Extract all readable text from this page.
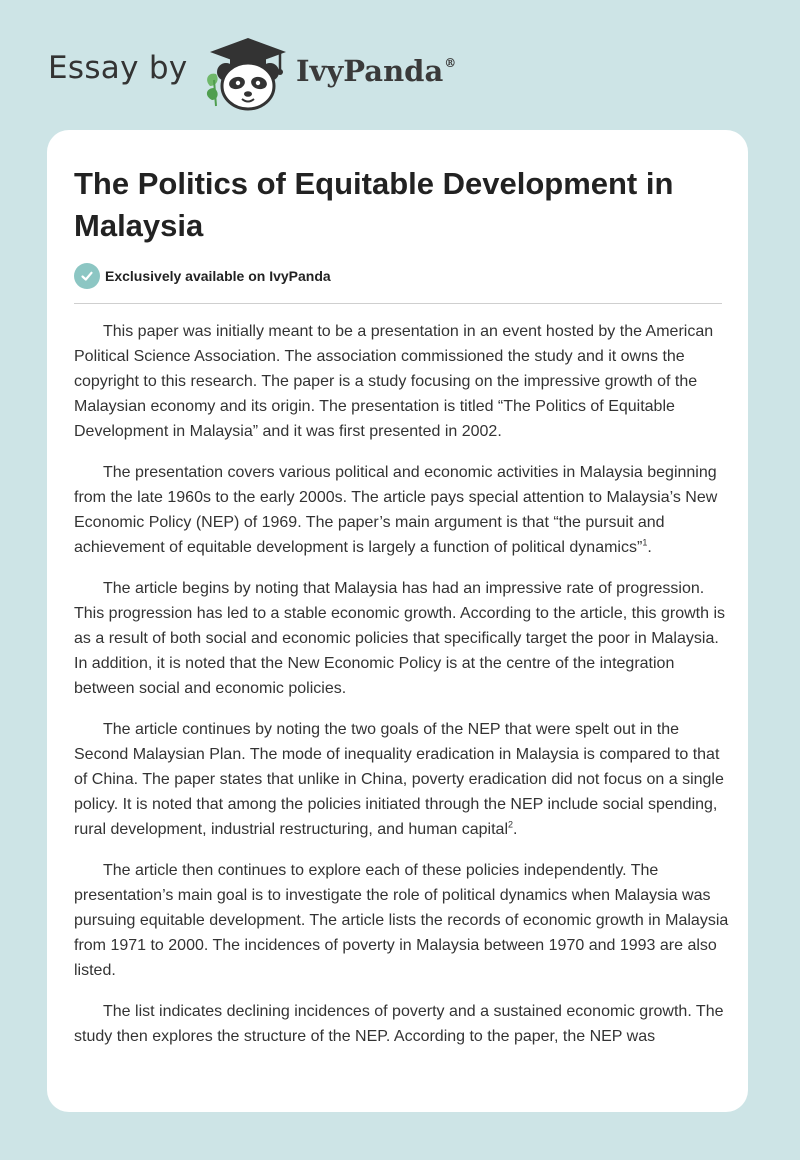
Essay by	IvyPanda®
The Politics of Equitable Development in Malaysia
Exclusively available on IvyPanda

This paper was initially meant to be a presentation in an event hosted by the American Political Science Association. The association commissioned the study and it owns the copyright to this research. The paper is a study focusing on the impressive growth of the Malaysian economy and its origin. The presentation is titled “The Politics of Equitable Development in Malaysia” and it was first presented in 2002.

The presentation covers various political and economic activities in Malaysia beginning from the late 1960s to the early 2000s. The article pays special attention to Malaysia’s New Economic Policy (NEP) of 1969. The paper’s main argument is that “the pursuit and achievement of equitable development is largely a function of political dynamics”$^1$.

The article begins by noting that Malaysia has had an impressive rate of progression. This progression has led to a stable economic growth. According to the article, this growth is as a result of both social and economic policies that specifically target the poor in Malaysia. In addition, it is noted that the New Economic Policy is at the centre of the integration between social and economic policies.

The article continues by noting the two goals of the NEP that were spelt out in the Second Malaysian Plan. The mode of inequality eradication in Malaysia is compared to that of China. The paper states that unlike in China, poverty eradication did not focus on a single policy. It is noted that among the policies initiated through the NEP include social spending, rural development, industrial restructuring, and human capital$^2$.

The article then continues to explore each of these policies independently. The presentation’s main goal is to investigate the role of political dynamics when Malaysia was pursuing equitable development. The article lists the records of economic growth in Malaysia from 1971 to 2000. The incidences of poverty in Malaysia between 1970 and 1993 are also listed.

The list indicates declining incidences of poverty and a sustained economic growth. The study then explores the structure of the NEP. According to the paper, the NEP was
